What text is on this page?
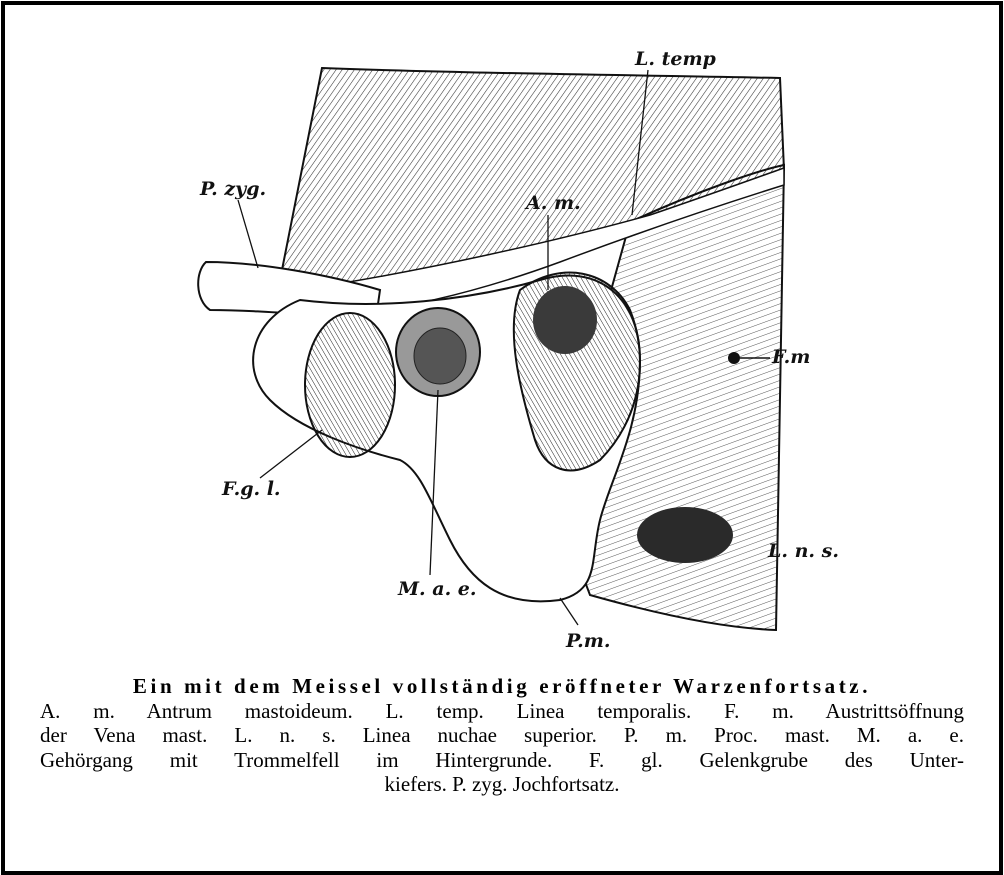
L. temp
P. zyg.
A. m.
F.m
F.g. l.
L. n. s.
M. a. e.
P.m.
Ein mit dem Meissel vollständig eröffneter Warzenfortsatz.
A. m. Antrum mastoideum. L. temp. Linea temporalis. F. m. Austrittsöffnung
der Vena mast. L. n. s. Linea nuchae superior. P. m. Proc. mast. M. a. e.
Gehörgang mit Trommelfell im Hintergrunde. F. gl. Gelenkgrube des Unter-
kiefers. P. zyg. Jochfortsatz.
